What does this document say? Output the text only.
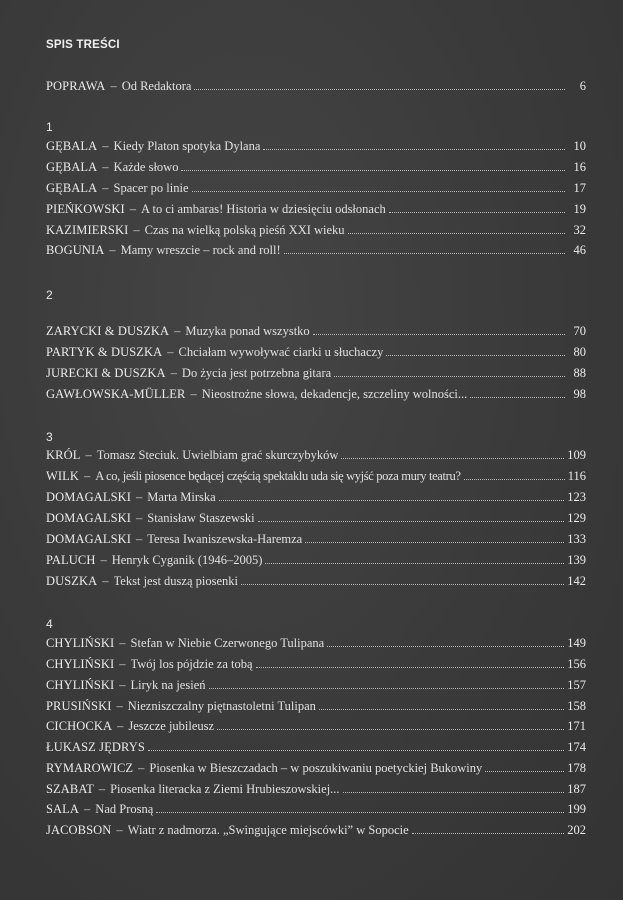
SPIS TREŚCI
POPRAWA – Od Redaktora	6
1
GĘBALA – Kiedy Platon spotyka Dylana	10
GĘBALA – Każde słowo	16
GĘBALA – Spacer po linie	17
PIEŃKOWSKI – A to ci ambaras! Historia w dziesięciu odsłonach	19
KAZIMIERSKI – Czas na wielką polską pieśń XXI wieku	32
BOGUNIA – Mamy wreszcie – rock and roll!	46
2
ZARYCKI & DUSZKA – Muzyka ponad wszystko	70
PARTYK & DUSZKA – Chciałam wywoływać ciarki u słuchaczy	80
JURECKI & DUSZKA – Do życia jest potrzebna gitara	88
GAWŁOWSKA-MÜLLER – Nieostrożne słowa, dekadencje, szczeliny wolności...	98
3
KRÓL – Tomasz Steciuk. Uwielbiam grać skurczybyków	109
WILK – A co, jeśli piosence będącej częścią spektaklu uda się wyjść poza mury teatru?	116
DOMAGALSKI – Marta Mirska	123
DOMAGALSKI – Stanisław Staszewski	129
DOMAGALSKI – Teresa Iwaniszewska-Haremza	133
PALUCH – Henryk Cyganik (1946–2005)	139
DUSZKA – Tekst jest duszą piosenki	142
4
CHYLIŃSKI – Stefan w Niebie Czerwonego Tulipana	149
CHYLIŃSKI – Twój los pójdzie za tobą	156
CHYLIŃSKI – Liryk na jesień	157
PRUSIŃSKI – Niezniszczalny piętnastoletni Tulipan	158
CICHOCKA – Jeszcze jubileusz	171
ŁUKASZ JĘDRYS	174
RYMAROWICZ – Piosenka w Bieszczadach – w poszukiwaniu poetyckiej Bukowiny	178
SZABAT – Piosenka literacka z Ziemi Hrubieszowskiej...	187
SALA – Nad Prosną	199
JACOBSON – Wiatr z nadmorza. „Swingujące miejscówki” w Sopocie	202
